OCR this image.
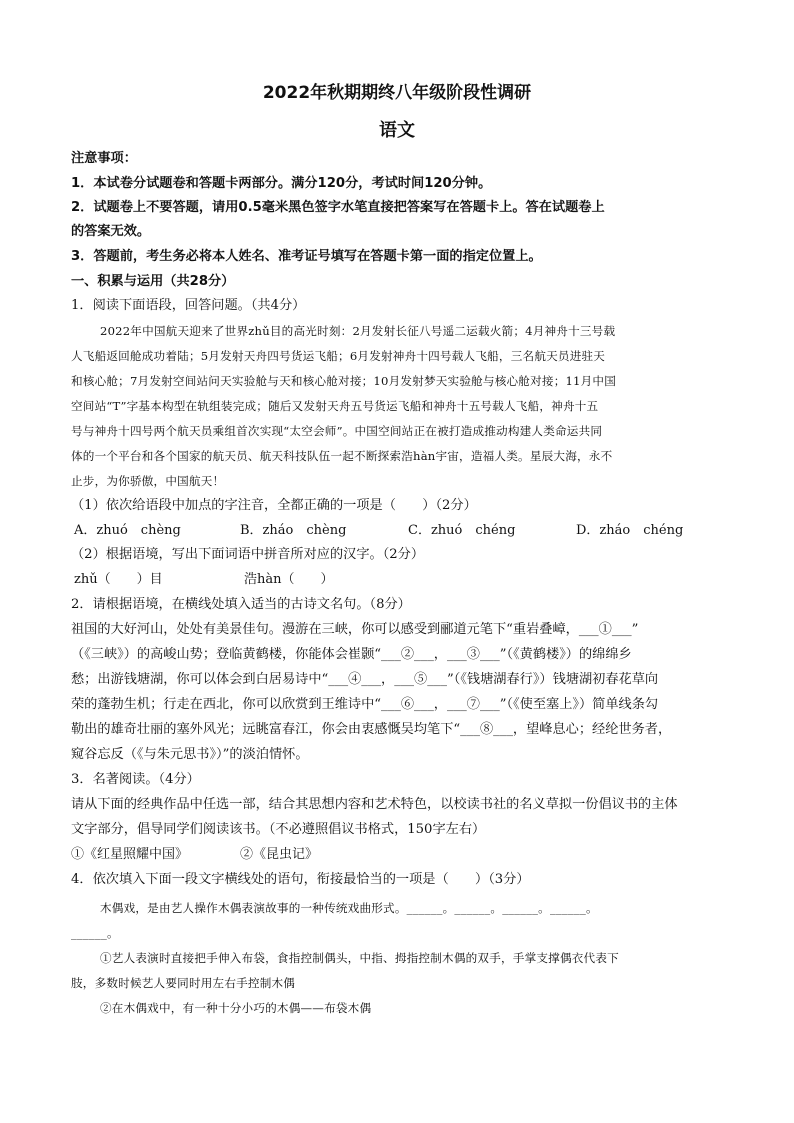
2022年秋期期终八年级阶段性调研
语文
注意事项：
1．本试卷分试题卷和答题卡两部分。满分120分，考试时间120分钟。
2．试题卷上不要答题，请用0.5毫米黑色签字水笔直接把答案写在答题卡上。答在试题卷上
的答案无效。
3．答题前，考生务必将本人姓名、准考证号填写在答题卡第一面的指定位置上。
一、积累与运用（共28分）
1．阅读下面语段，回答问题。（共4分）
2022年中国航天迎来了世界zhǔ目的高光时刻：2月发射长征八号遥二运载火箭；4月神舟十三号载
人飞船返回舱成功着陆；5月发射天舟四号货运飞船；6月发射神舟十四号载人飞船，三名航天员进驻天
和核心舱；7月发射空间站问天实验舱与天和核心舱对接；10月发射梦天实验舱与核心舱对接；11月中国
空间站“T”字基本构型在轨组装完成；随后又发射天舟五号货运飞船和神舟十五号载人飞船，神舟十五
号与神舟十四号两个航天员乘组首次实现“太空会师”。中国空间站正在被打造成推动构建人类命运共同
体的一个平台和各个国家的航天员、航天科技队伍一起不断探索浩hàn宇宙，造福人类。星辰大海，永不
止步，为你骄傲，中国航天！
（1）依次给语段中加点的字注音，全都正确的一项是（　　）（2分）
A．zhuó　chèng	B．zháo　chèng	C．zhuó　chéng	D．zháo　chéng
（2）根据语境，写出下面词语中拼音所对应的汉字。（2分）
zhǔ（　　）目	浩hàn（　　）
2．请根据语境，在横线处填入适当的古诗文名句。（8分）
祖国的大好河山，处处有美景佳句。漫游在三峡，你可以感受到郦道元笔下“重岩叠嶂，___①___”
（《三峡》）的高峻山势；登临黄鹤楼，你能体会崔颢“___②___，___③___”（《黄鹤楼》）的绵绵乡
愁；出游钱塘湖，你可以体会到白居易诗中“___④___，___⑤___”（《钱塘湖春行》）钱塘湖初春花草向
荣的蓬勃生机；行走在西北，你可以欣赏到王维诗中“___⑥___，___⑦___”（《使至塞上》）简单线条勾
勒出的雄奇壮丽的塞外风光；远眺富春江，你会由衷感慨吴均笔下“___⑧___，望峰息心；经纶世务者，
窥谷忘反（《与朱元思书》）”的淡泊情怀。
3．名著阅读。（4分）
请从下面的经典作品中任选一部，结合其思想内容和艺术特色，以校读书社的名义草拟一份倡议书的主体
文字部分，倡导同学们阅读该书。（不必遵照倡议书格式，150字左右）
①《红星照耀中国》	②《昆虫记》
4．依次填入下面一段文字横线处的语句，衔接最恰当的一项是（　　）（3分）
木偶戏，是由艺人操作木偶表演故事的一种传统戏曲形式。______。______。______。______。
______。
①艺人表演时直接把手伸入布袋，食指控制偶头，中指、拇指控制木偶的双手，手掌支撑偶衣代表下
肢，多数时候艺人要同时用左右手控制木偶
②在木偶戏中，有一种十分小巧的木偶——布袋木偶
